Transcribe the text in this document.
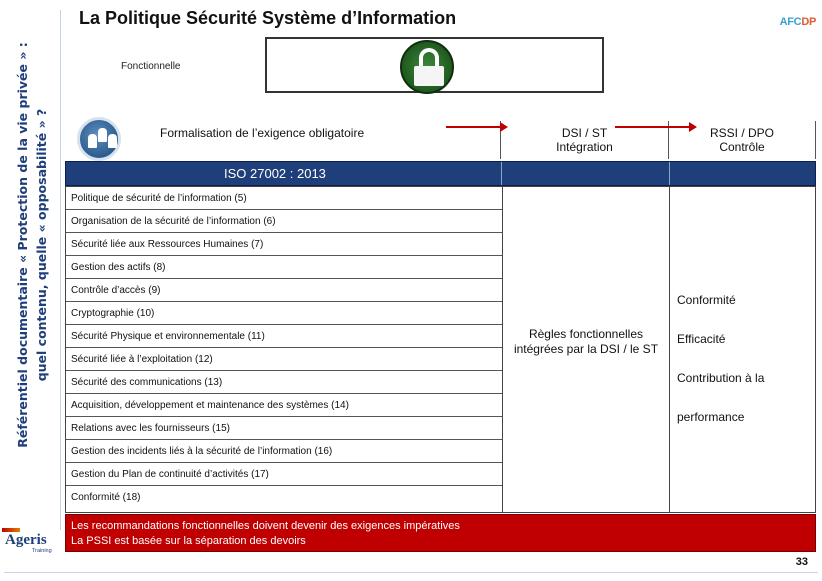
Référentiel documentaire « Protection de la vie privée » : quel contenu, quelle « opposabilité » ?
La Politique Sécurité Système d’Information	AFCDP
Fonctionnelle
Formalisation de l’exigence obligatoire	DSI / ST
Intégration
RSSI / DPO
Contrôle
ISO 27002 : 2013
Politique de sécurité de l’information (5)
Organisation de la sécurité de l’information (6)
Sécurité liée aux Ressources Humaines (7)
Gestion des actifs (8)
Contrôle d’accès (9)
Cryptographie (10)
Sécurité Physique et environnementale (11)
Sécurité liée à l’exploitation (12)
Sécurité des communications (13)
Acquisition, développement et maintenance des systèmes (14)
Relations avec les fournisseurs (15)
Gestion des incidents liés à la sécurité de l’information (16)
Gestion du Plan de continuité d’activités (17)
Conformité (18)
Règles fonctionnelles intégrées par la DSI / le ST
Conformité
Efficacité
Contribution à la
performance
Les recommandations fonctionnelles doivent devenir des exigences impératives
La PSSI est basée sur la séparation des devoirs
Ageris
Training
33
